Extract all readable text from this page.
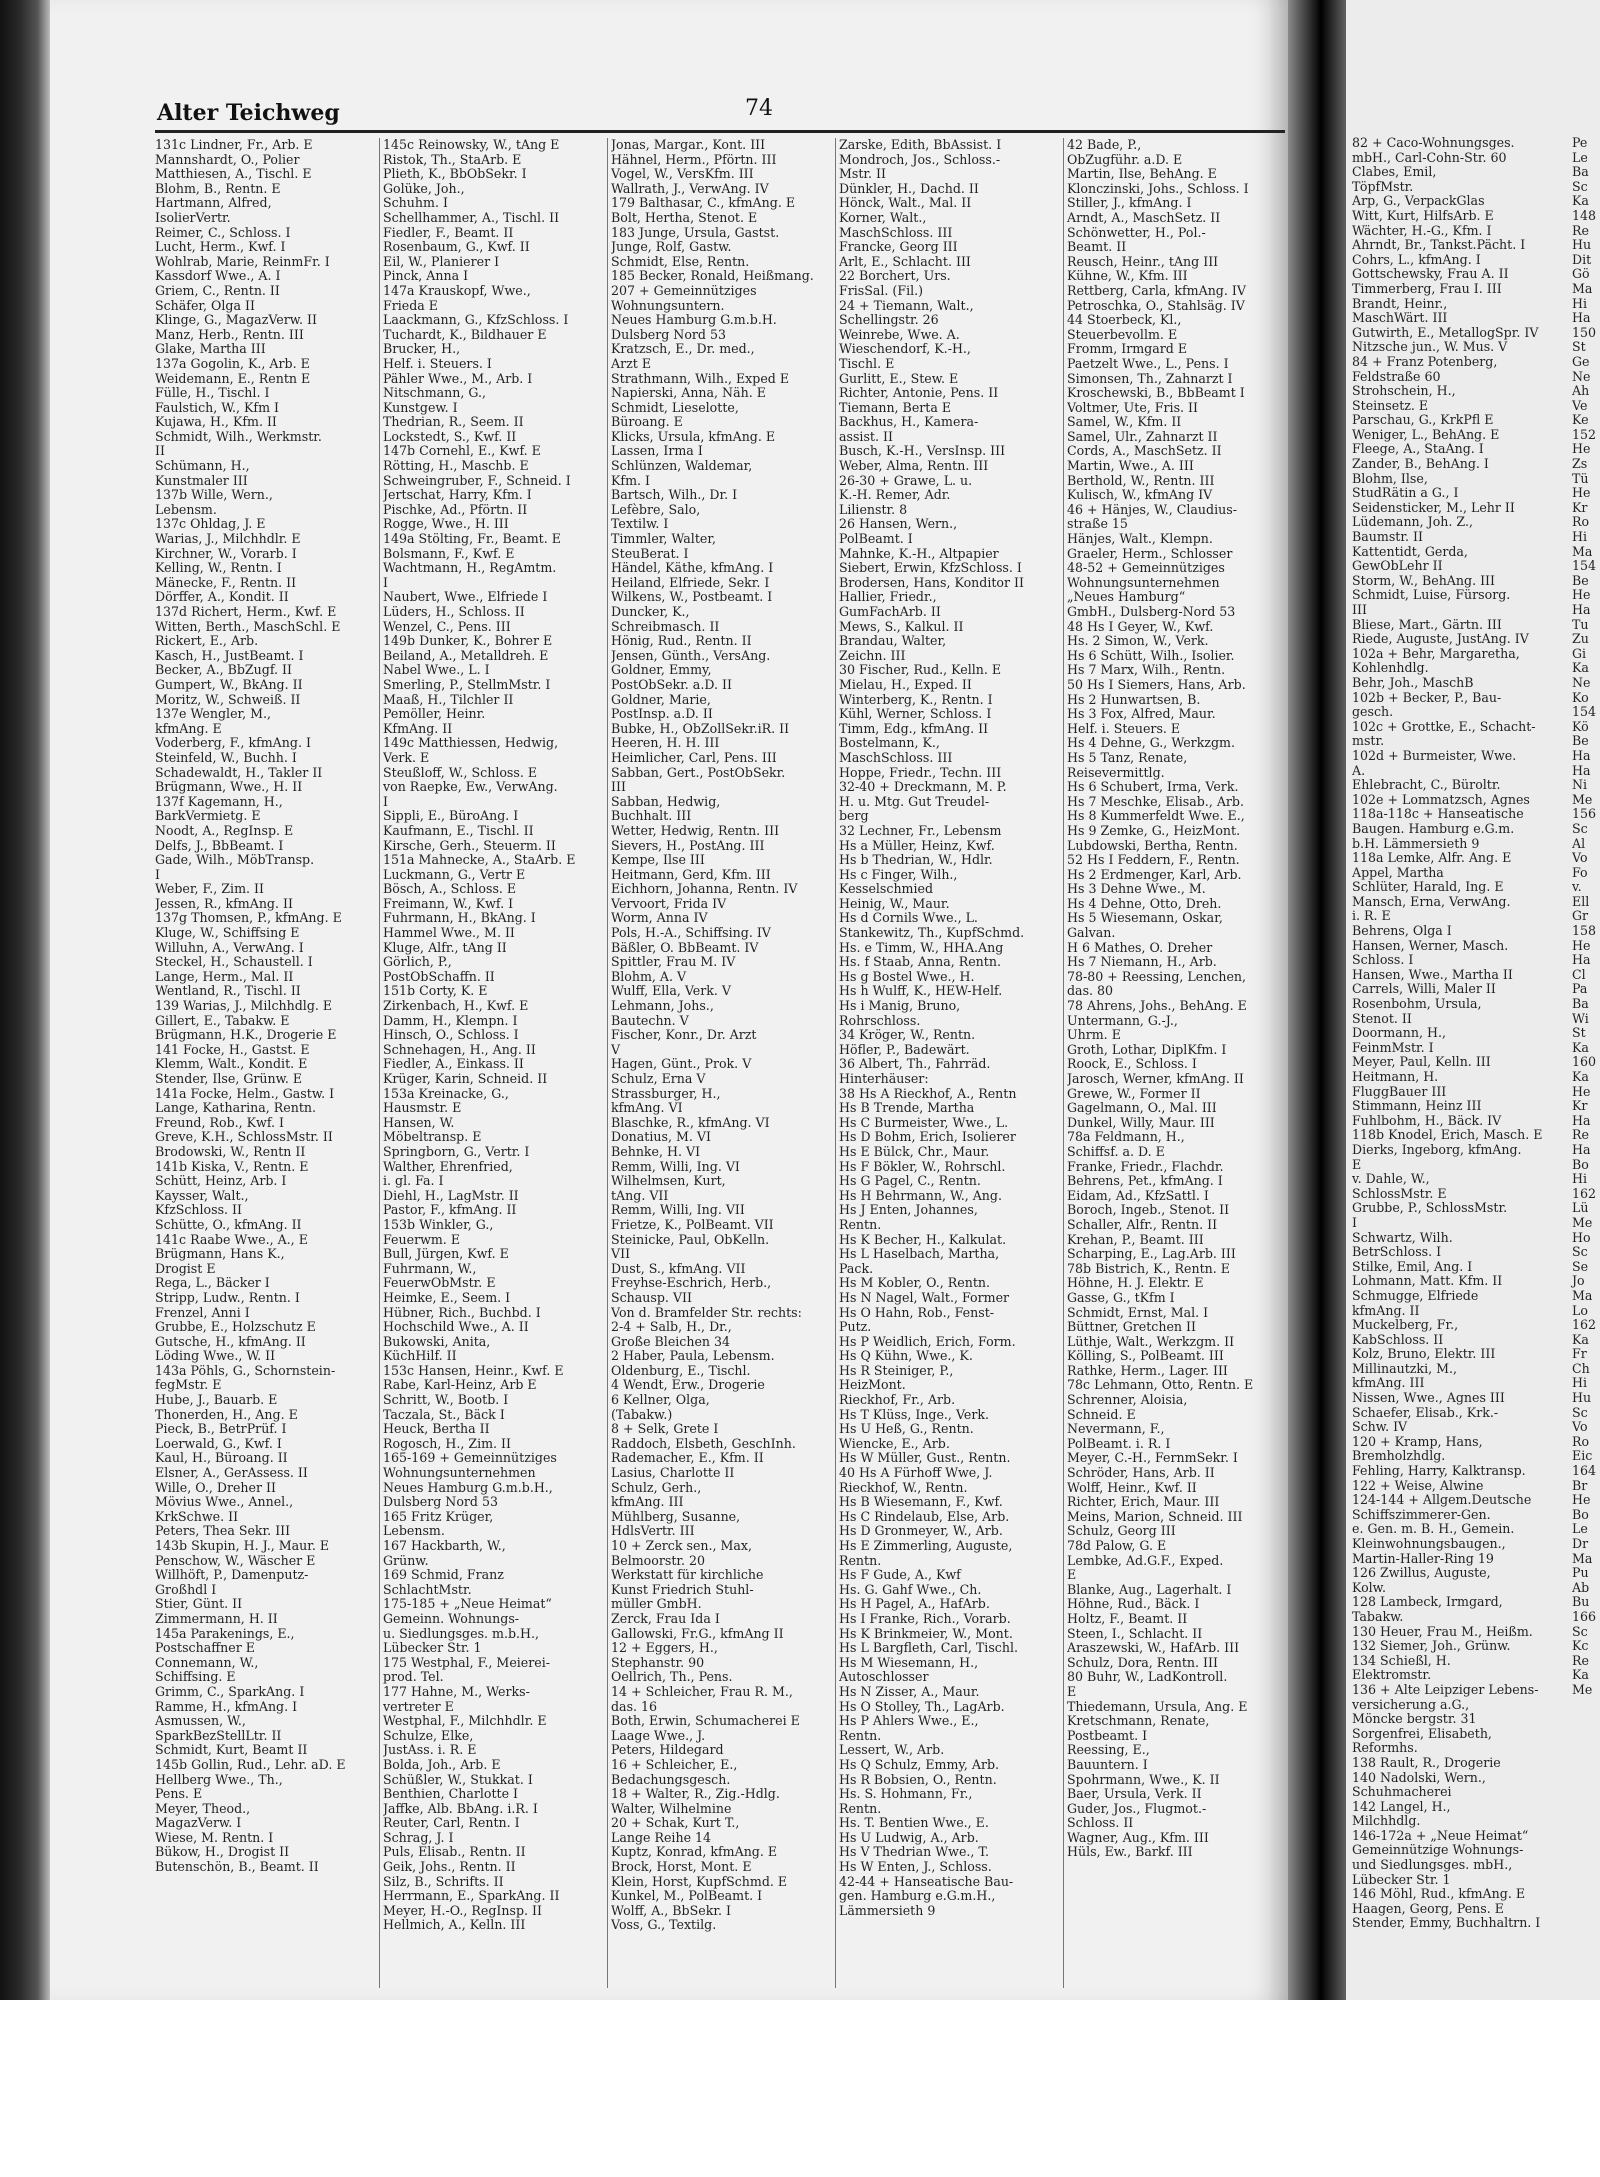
82 + Caco-Wohnungsges.
mbH., Carl-Cohn-Str. 60
Clabes, Emil,
TöpfMstr.
Arp, G., VerpackGlas
Witt, Kurt, HilfsArb. E
Wächter, H.-G., Kfm. I
Ahrndt, Br., Tankst.Pächt. I
Cohrs, L., kfmAng. I
Gottschewsky, Frau A. II
Timmerberg, Frau I. III
Brandt, Heinr.,
MaschWärt. III
Gutwirth, E., MetallogSpr. IV
Nitzsche jun., W. Mus. V
84 + Franz Potenberg,
Feldstraße 60
Strohschein, H.,
Steinsetz. E
Parschau, G., KrkPfl E
Weniger, L., BehAng. E
Fleege, A., StaAng. I
Zander, B., BehAng. I
Blohm, Ilse,
StudRätin a G., I
Seidensticker, M., Lehr II
Lüdemann, Joh. Z.,
Baumstr. II
Kattentidt, Gerda,
GewObLehr II
Storm, W., BehAng. III
Schmidt, Luise, Fürsorg.
III
Bliese, Mart., Gärtn. III
Riede, Auguste, JustAng. IV
102a + Behr, Margaretha,
Kohlenhdlg.
Behr, Joh., MaschB
102b + Becker, P., Bau-
gesch.
102c + Grottke, E., Schacht-
mstr.
102d + Burmeister, Wwe.
A.
Ehlebracht, C., Büroltr.
102e + Lommatzsch, Agnes
118a-118c + Hanseatische
Baugen. Hamburg e.G.m.
b.H. Lämmersieth 9
118a Lemke, Alfr. Ang. E
Appel, Martha
Schlüter, Harald, Ing. E
Mansch, Erna, VerwAng.
i. R. E
Behrens, Olga I
Hansen, Werner, Masch.
Schloss. I
Hansen, Wwe., Martha II
Carrels, Willi, Maler II
Rosenbohm, Ursula,
Stenot. II
Doormann, H.,
FeinmMstr. I
Meyer, Paul, Kelln. III
Heitmann, H.
FluggBauer III
Stimmann, Heinz III
Fuhlbohm, H., Bäck. IV
118b Knodel, Erich, Masch. E
Dierks, Ingeborg, kfmAng.
E
v. Dahle, W.,
SchlossMstr. E
Grubbe, P., SchlossMstr.
I
Schwartz, Wilh.
BetrSchloss. I
Stilke, Emil, Ang. I
Lohmann, Matt. Kfm. II
Schmugge, Elfriede
kfmAng. II
Muckelberg, Fr.,
KabSchloss. II
Kolz, Bruno, Elektr. III
Millinautzki, M.,
kfmAng. III
Nissen, Wwe., Agnes III
Schaefer, Elisab., Krk.-
Schw. IV
120 + Kramp, Hans,
Bremholzhdlg.
Fehling, Harry, Kalktransp.
122 + Weise, Alwine
124-144 + Allgem.Deutsche
Schiffszimmerer-Gen.
e. Gen. m. B. H., Gemein.
Kleinwohnungsbaugen.,
Martin-Haller-Ring 19
126 Zwillus, Auguste,
Kolw.
128 Lambeck, Irmgard,
Tabakw.
130 Heuer, Frau M., Heißm.
132 Siemer, Joh., Grünw.
134 Schießl, H.
Elektromstr.
136 + Alte Leipziger Lebens-
versicherung a.G.,
Möncke bergstr. 31
Sorgenfrei, Elisabeth,
Reformhs.
138 Rault, R., Drogerie
140 Nadolski, Wern.,
Schuhmacherei
142 Langel, H.,
Milchhdlg.
146-172a + „Neue Heimat“
Gemeinnützige Wohnungs-
und Siedlungsges. mbH.,
Lübecker Str. 1
146 Möhl, Rud., kfmAng. E
Haagen, Georg, Pens. E
Stender, Emmy, Buchhaltrn. I
Pe
Le
Ba
Sc
Ka
148
Re
Hu
Dit
Gö
Ma
Hi
Ha
150
St
Ge
Ne
Ah
Ve
Ke
152
He
Zs
Tü
He
Kr
Ro
Hi
Ma
154
Be
He
Ha
Tu
Zu
Gi
Ka
Ne
Ko
154
Kö
Be
Ha
Ha
Ni
Me
156
Sc
Al
Vo
Fo
v.
Ell
Gr
158
He
Ha
Cl
Pa
Ba
Wi
St
Ka
160
Ka
He
Kr
Ha
Re
Ha
Bo
Hi
162
Lü
Me
Ho
Sc
Se
Jo
Ma
Lo
162
Ka
Fr
Ch
Hi
Hu
Sc
Vo
Ro
Eic
164
Br
He
Bo
Le
Dr
Ma
Pu
Ab
Bu
166
Sc
Kc
Re
Ka
Me
Alter Teichweg	74
131c Lindner, Fr., Arb. E
Mannshardt, O., Polier
Matthiesen, A., Tischl. E
Blohm, B., Rentn. E
Hartmann, Alfred,
IsolierVertr.
Reimer, C., Schloss. I
Lucht, Herm., Kwf. I
Wohlrab, Marie, ReinmFr. I
Kassdorf Wwe., A. I
Griem, C., Rentn. II
Schäfer, Olga II
Klinge, G., MagazVerw. II
Manz, Herb., Rentn. III
Glake, Martha III
137a Gogolin, K., Arb. E
Weidemann, E., Rentn E
Fülle, H., Tischl. I
Faulstich, W., Kfm I
Kujawa, H., Kfm. II
Schmidt, Wilh., Werkmstr.
II
Schümann, H.,
Kunstmaler III
137b Wille, Wern.,
Lebensm.
137c Ohldag, J. E
Warias, J., Milchhdlr. E
Kirchner, W., Vorarb. I
Kelling, W., Rentn. I
Mänecke, F., Rentn. II
Dörffer, A., Kondit. II
137d Richert, Herm., Kwf. E
Witten, Berth., MaschSchl. E
Rickert, E., Arb.
Kasch, H., JustBeamt. I
Becker, A., BbZugf. II
Gumpert, W., BkAng. II
Moritz, W., Schweiß. II
137e Wengler, M.,
kfmAng. E
Voderberg, F., kfmAng. I
Steinfeld, W., Buchh. I
Schadewaldt, H., Takler II
Brügmann, Wwe., H. II
137f Kagemann, H.,
BarkVermietg. E
Noodt, A., RegInsp. E
Delfs, J., BbBeamt. I
Gade, Wilh., MöbTransp.
I
Weber, F., Zim. II
Jessen, R., kfmAng. II
137g Thomsen, P., kfmAng. E
Kluge, W., Schiffsing E
Willuhn, A., VerwAng. I
Steckel, H., Schaustell. I
Lange, Herm., Mal. II
Wentland, R., Tischl. II
139 Warias, J., Milchhdlg. E
Gillert, E., Tabakw. E
Brügmann, H.K., Drogerie E
141 Focke, H., Gastst. E
Klemm, Walt., Kondit. E
Stender, Ilse, Grünw. E
141a Focke, Helm., Gastw. I
Lange, Katharina, Rentn.
Freund, Rob., Kwf. I
Greve, K.H., SchlossMstr. II
Brodowski, W., Rentn II
141b Kiska, V., Rentn. E
Schütt, Heinz, Arb. I
Kaysser, Walt.,
KfzSchloss. II
Schütte, O., kfmAng. II
141c Raabe Wwe., A., E
Brügmann, Hans K.,
Drogist E
Rega, L., Bäcker I
Stripp, Ludw., Rentn. I
Frenzel, Anni I
Grubbe, E., Holzschutz E
Gutsche, H., kfmAng. II
Löding Wwe., W. II
143a Pöhls, G., Schornstein-
fegMstr. E
Hube, J., Bauarb. E
Thonerden, H., Ang. E
Pieck, B., BetrPrüf. I
Loerwald, G., Kwf. I
Kaul, H., Büroang. II
Elsner, A., GerAssess. II
Wille, O., Dreher II
Mövius Wwe., Annel.,
KrkSchwe. II
Peters, Thea Sekr. III
143b Skupin, H. J., Maur. E
Penschow, W., Wäscher E
Willhöft, P., Damenputz-
Großhdl I
Stier, Günt. II
Zimmermann, H. II
145a Parakenings, E.,
Postschaffner E
Connemann, W.,
Schiffsing. E
Grimm, C., SparkAng. I
Ramme, H., kfmAng. I
Asmussen, W.,
SparkBezStellLtr. II
Schmidt, Kurt, Beamt II
145b Gollin, Rud., Lehr. aD. E
Hellberg Wwe., Th.,
Pens. E
Meyer, Theod.,
MagazVerw. I
Wiese, M. Rentn. I
Bükow, H., Drogist II
Butenschön, B., Beamt. II
145c Reinowsky, W., tAng E
Ristok, Th., StaArb. E
Plieth, K., BbObSekr. I
Golüke, Joh.,
Schuhm. I
Schellhammer, A., Tischl. II
Fiedler, F., Beamt. II
Rosenbaum, G., Kwf. II
Eil, W., Planierer I
Pinck, Anna I
147a Krauskopf, Wwe.,
Frieda E
Laackmann, G., KfzSchloss. I
Tuchardt, K., Bildhauer E
Brucker, H.,
Helf. i. Steuers. I
Pähler Wwe., M., Arb. I
Nitschmann, G.,
Kunstgew. I
Thedrian, R., Seem. II
Lockstedt, S., Kwf. II
147b Cornehl, E., Kwf. E
Rötting, H., Maschb. E
Schweingruber, F., Schneid. I
Jertschat, Harry, Kfm. I
Pischke, Ad., Pförtn. II
Rogge, Wwe., H. III
149a Stölting, Fr., Beamt. E
Bolsmann, F., Kwf. E
Wachtmann, H., RegAmtm.
I
Naubert, Wwe., Elfriede I
Lüders, H., Schloss. II
Wenzel, C., Pens. III
149b Dunker, K., Bohrer E
Beiland, A., Metalldreh. E
Nabel Wwe., L. I
Smerling, P., StellmMstr. I
Maaß, H., Tilchler II
Pemöller, Heinr.
KfmAng. II
149c Matthiessen, Hedwig,
Verk. E
Steußloff, W., Schloss. E
von Raepke, Ew., VerwAng.
I
Sippli, E., BüroAng. I
Kaufmann, E., Tischl. II
Kirsche, Gerh., Steuerm. II
151a Mahnecke, A., StaArb. E
Luckmann, G., Vertr E
Bösch, A., Schloss. E
Freimann, W., Kwf. I
Fuhrmann, H., BkAng. I
Hammel Wwe., M. II
Kluge, Alfr., tAng II
Görlich, P.,
PostObSchaffn. II
151b Corty, K. E
Zirkenbach, H., Kwf. E
Damm, H., Klempn. I
Hinsch, O., Schloss. I
Schnehagen, H., Ang. II
Fiedler, A., Einkass. II
Krüger, Karin, Schneid. II
153a Kreinacke, G.,
Hausmstr. E
Hansen, W.
Möbeltransp. E
Springborn, G., Vertr. I
Walther, Ehrenfried,
i. gl. Fa. I
Diehl, H., LagMstr. II
Pastor, F., kfmAng. II
153b Winkler, G.,
Feuerwm. E
Bull, Jürgen, Kwf. E
Fuhrmann, W.,
FeuerwObMstr. E
Heimke, E., Seem. I
Hübner, Rich., Buchbd. I
Hochschild Wwe., A. II
Bukowski, Anita,
KüchHilf. II
153c Hansen, Heinr., Kwf. E
Rabe, Karl-Heinz, Arb E
Schritt, W., Bootb. I
Taczala, St., Bäck I
Heuck, Bertha II
Rogosch, H., Zim. II
165-169 + Gemeinnütziges
Wohnungsunternehmen
Neues Hamburg G.m.b.H.,
Dulsberg Nord 53
165 Fritz Krüger,
Lebensm.
167 Hackbarth, W.,
Grünw.
169 Schmid, Franz
SchlachtMstr.
175-185 + „Neue Heimat“
Gemeinn. Wohnungs-
u. Siedlungsges. m.b.H.,
Lübecker Str. 1
175 Westphal, F., Meierei-
prod. Tel.
177 Hahne, M., Werks-
vertreter E
Westphal, F., Milchhdlr. E
Schulze, Elke,
JustAss. i. R. E
Bolda, Joh., Arb. E
Schüßler, W., Stukkat. I
Benthien, Charlotte I
Jaffke, Alb. BbAng. i.R. I
Reuter, Carl, Rentn. I
Schrag, J. I
Puls, Elisab., Rentn. II
Geik, Johs., Rentn. II
Silz, B., Schrifts. II
Herrmann, E., SparkAng. II
Meyer, H.-O., RegInsp. II
Hellmich, A., Kelln. III
Jonas, Margar., Kont. III
Hähnel, Herm., Pförtn. III
Vogel, W., VersKfm. III
Wallrath, J., VerwAng. IV
179 Balthasar, C., kfmAng. E
Bolt, Hertha, Stenot. E
183 Junge, Ursula, Gastst.
Junge, Rolf, Gastw.
Schmidt, Else, Rentn.
185 Becker, Ronald, Heißmang.
207 + Gemeinnütziges
Wohnungsuntern.
Neues Hamburg G.m.b.H.
Dulsberg Nord 53
Kratzsch, E., Dr. med.,
Arzt E
Strathmann, Wilh., Exped E
Napierski, Anna, Näh. E
Schmidt, Lieselotte,
Büroang. E
Klicks, Ursula, kfmAng. E
Lassen, Irma I
Schlünzen, Waldemar,
Kfm. I
Bartsch, Wilh., Dr. I
Lefèbre, Salo,
Textilw. I
Timmler, Walter,
SteuBerat. I
Händel, Käthe, kfmAng. I
Heiland, Elfriede, Sekr. I
Wilkens, W., Postbeamt. I
Duncker, K.,
Schreibmasch. II
Hönig, Rud., Rentn. II
Jensen, Günth., VersAng.
Goldner, Emmy,
PostObSekr. a.D. II
Goldner, Marie,
PostInsp. a.D. II
Bubke, H., ObZollSekr.iR. II
Heeren, H. H. III
Heimlicher, Carl, Pens. III
Sabban, Gert., PostObSekr.
III
Sabban, Hedwig,
Buchhalt. III
Wetter, Hedwig, Rentn. III
Sievers, H., PostAng. III
Kempe, Ilse III
Heitmann, Gerd, Kfm. III
Eichhorn, Johanna, Rentn. IV
Vervoort, Frida IV
Worm, Anna IV
Pols, H.-A., Schiffsing. IV
Bäßler, O. BbBeamt. IV
Spittler, Frau M. IV
Blohm, A. V
Wulff, Ella, Verk. V
Lehmann, Johs.,
Bautechn. V
Fischer, Konr., Dr. Arzt
V
Hagen, Günt., Prok. V
Schulz, Erna V
Strassburger, H.,
kfmAng. VI
Blaschke, R., kfmAng. VI
Donatius, M. VI
Behnke, H. VI
Remm, Willi, Ing. VI
Wilhelmsen, Kurt,
tAng. VII
Remm, Willi, Ing. VII
Frietze, K., PolBeamt. VII
Steinicke, Paul, ObKelln.
VII
Dust, S., kfmAng. VII
Freyhse-Eschrich, Herb.,
Schausp. VII
Von d. Bramfelder Str. rechts:
2-4 + Salb, H., Dr.,
Große Bleichen 34
2 Haber, Paula, Lebensm.
Oldenburg, E., Tischl.
4 Wendt, Erw., Drogerie
6 Kellner, Olga,
(Tabakw.)
8 + Selk, Grete I
Raddoch, Elsbeth, GeschInh.
Rademacher, E., Kfm. II
Lasius, Charlotte II
Schulz, Gerh.,
kfmAng. III
Mühlberg, Susanne,
HdlsVertr. III
10 + Zerck sen., Max,
Belmoorstr. 20
Werkstatt für kirchliche
Kunst Friedrich Stuhl-
müller GmbH.
Zerck, Frau Ida I
Gallowski, Fr.G., kfmAng II
12 + Eggers, H.,
Stephanstr. 90
Oellrich, Th., Pens.
14 + Schleicher, Frau R. M.,
das. 16
Both, Erwin, Schumacherei E
Laage Wwe., J.
Peters, Hildegard
16 + Schleicher, E.,
Bedachungsgesch.
18 + Walter, R., Zig.-Hdlg.
Walter, Wilhelmine
20 + Schak, Kurt T.,
Lange Reihe 14
Kuptz, Konrad, kfmAng. E
Brock, Horst, Mont. E
Klein, Horst, KupfSchmd. E
Kunkel, M., PolBeamt. I
Wolff, A., BbSekr. I
Voss, G., Textilg.
Zarske, Edith, BbAssist. I
Mondroch, Jos., Schloss.-
Mstr. II
Dünkler, H., Dachd. II
Hönck, Walt., Mal. II
Korner, Walt.,
MaschSchloss. III
Francke, Georg III
Arlt, E., Schlacht. III
22 Borchert, Urs.
FrisSal. (Fil.)
24 + Tiemann, Walt.,
Schellingstr. 26
Weinrebe, Wwe. A.
Wieschendorf, K.-H.,
Tischl. E
Gurlitt, E., Stew. E
Richter, Antonie, Pens. II
Tiemann, Berta E
Backhus, H., Kamera-
assist. II
Busch, K.-H., VersInsp. III
Weber, Alma, Rentn. III
26-30 + Grawe, L. u.
K.-H. Remer, Adr.
Lilienstr. 8
26 Hansen, Wern.,
PolBeamt. I
Mahnke, K.-H., Altpapier
Siebert, Erwin, KfzSchloss. I
Brodersen, Hans, Konditor II
Hallier, Friedr.,
GumFachArb. II
Mews, S., Kalkul. II
Brandau, Walter,
Zeichn. III
30 Fischer, Rud., Kelln. E
Mielau, H., Exped. II
Winterberg, K., Rentn. I
Kühl, Werner, Schloss. I
Timm, Edg., kfmAng. II
Bostelmann, K.,
MaschSchloss. III
Hoppe, Friedr., Techn. III
32-40 + Dreckmann, M. P.
H. u. Mtg. Gut Treudel-
berg
32 Lechner, Fr., Lebensm
Hs a Müller, Heinz, Kwf.
Hs b Thedrian, W., Hdlr.
Hs c Finger, Wilh.,
Kesselschmied
Heinig, W., Maur.
Hs d Cornils Wwe., L.
Stankewitz, Th., KupfSchmd.
Hs. e Timm, W., HHA.Ang
Hs. f Staab, Anna, Rentn.
Hs g Bostel Wwe., H.
Hs h Wulff, K., HEW-Helf.
Hs i Manig, Bruno,
Rohrschloss.
34 Kröger, W., Rentn.
Höfler, P., Badewärt.
36 Albert, Th., Fahrräd.
Hinterhäuser:
38 Hs A Rieckhof, A., Rentn
Hs B Trende, Martha
Hs C Burmeister, Wwe., L.
Hs D Bohm, Erich, Isolierer
Hs E Bülck, Chr., Maur.
Hs F Bökler, W., Rohrschl.
Hs G Pagel, C., Rentn.
Hs H Behrmann, W., Ang.
Hs J Enten, Johannes,
Rentn.
Hs K Becher, H., Kalkulat.
Hs L Haselbach, Martha,
Pack.
Hs M Kobler, O., Rentn.
Hs N Nagel, Walt., Former
Hs O Hahn, Rob., Fenst-
Putz.
Hs P Weidlich, Erich, Form.
Hs Q Kühn, Wwe., K.
Hs R Steiniger, P.,
HeizMont.
Rieckhof, Fr., Arb.
Hs T Klüss, Inge., Verk.
Hs U Heß, G., Rentn.
Wiencke, E., Arb.
Hs W Müller, Gust., Rentn.
40 Hs A Fürhoff Wwe, J.
Rieckhof, W., Rentn.
Hs B Wiesemann, F., Kwf.
Hs C Rindelaub, Else, Arb.
Hs D Gronmeyer, W., Arb.
Hs E Zimmerling, Auguste,
Rentn.
Hs F Gude, A., Kwf
Hs. G. Gahf Wwe., Ch.
Hs H Pagel, A., HafArb.
Hs I Franke, Rich., Vorarb.
Hs K Brinkmeier, W., Mont.
Hs L Bargfleth, Carl, Tischl.
Hs M Wiesemann, H.,
Autoschlosser
Hs N Zisser, A., Maur.
Hs O Stolley, Th., LagArb.
Hs P Ahlers Wwe., E.,
Rentn.
Lessert, W., Arb.
Hs Q Schulz, Emmy, Arb.
Hs R Bobsien, O., Rentn.
Hs. S. Hohmann, Fr.,
Rentn.
Hs. T. Bentien Wwe., E.
Hs U Ludwig, A., Arb.
Hs V Thedrian Wwe., T.
Hs W Enten, J., Schloss.
42-44 + Hanseatische Bau-
gen. Hamburg e.G.m.H.,
Lämmersieth 9
42 Bade, P.,
ObZugführ. a.D. E
Martin, Ilse, BehAng. E
Klonczinski, Johs., Schloss. I
Stiller, J., kfmAng. I
Arndt, A., MaschSetz. II
Schönwetter, H., Pol.-
Beamt. II
Reusch, Heinr., tAng III
Kühne, W., Kfm. III
Rettberg, Carla, kfmAng. IV
Petroschka, O., Stahlsäg. IV
44 Stoerbeck, Kl.,
Steuerbevollm. E
Fromm, Irmgard E
Paetzelt Wwe., L., Pens. I
Simonsen, Th., Zahnarzt I
Kroschewski, B., BbBeamt I
Voltmer, Ute, Fris. II
Samel, W., Kfm. II
Samel, Ulr., Zahnarzt II
Cords, A., MaschSetz. II
Martin, Wwe., A. III
Berthold, W., Rentn. III
Kulisch, W., kfmAng IV
46 + Hänjes, W., Claudius-
straße 15
Hänjes, Walt., Klempn.
Graeler, Herm., Schlosser
48-52 + Gemeinnütziges
Wohnungsunternehmen
„Neues Hamburg“
GmbH., Dulsberg-Nord 53
48 Hs I Geyer, W., Kwf.
Hs. 2 Simon, W., Verk.
Hs 6 Schütt, Wilh., Isolier.
Hs 7 Marx, Wilh., Rentn.
50 Hs I Siemers, Hans, Arb.
Hs 2 Hunwartsen, B.
Hs 3 Fox, Alfred, Maur.
Helf. i. Steuers. E
Hs 4 Dehne, G., Werkzgm.
Hs 5 Tanz, Renate,
Reisevermittlg.
Hs 6 Schubert, Irma, Verk.
Hs 7 Meschke, Elisab., Arb.
Hs 8 Kummerfeldt Wwe. E.,
Hs 9 Zemke, G., HeizMont.
Lubdowski, Bertha, Rentn.
52 Hs I Feddern, F., Rentn.
Hs 2 Erdmenger, Karl, Arb.
Hs 3 Dehne Wwe., M.
Hs 4 Dehne, Otto, Dreh.
Hs 5 Wiesemann, Oskar,
Galvan.
H 6 Mathes, O. Dreher
Hs 7 Niemann, H., Arb.
78-80 + Reessing, Lenchen,
das. 80
78 Ahrens, Johs., BehAng. E
Untermann, G.-J.,
Uhrm. E
Groth, Lothar, DiplKfm. I
Roock, E., Schloss. I
Jarosch, Werner, kfmAng. II
Grewe, W., Former II
Gagelmann, O., Mal. III
Dunkel, Willy, Maur. III
78a Feldmann, H.,
Schiffsf. a. D. E
Franke, Friedr., Flachdr.
Behrens, Pet., kfmAng. I
Eidam, Ad., KfzSattl. I
Boroch, Ingeb., Stenot. II
Schaller, Alfr., Rentn. II
Krehan, P., Beamt. III
Scharping, E., Lag.Arb. III
78b Bistrich, K., Rentn. E
Höhne, H. J. Elektr. E
Gasse, G., tKfm I
Schmidt, Ernst, Mal. I
Büttner, Gretchen II
Lüthje, Walt., Werkzgm. II
Kölling, S., PolBeamt. III
Rathke, Herm., Lager. III
78c Lehmann, Otto, Rentn. E
Schrenner, Aloisia,
Schneid. E
Nevermann, F.,
PolBeamt. i. R. I
Meyer, C.-H., FernmSekr. I
Schröder, Hans, Arb. II
Wolff, Heinr., Kwf. II
Richter, Erich, Maur. III
Meins, Marion, Schneid. III
Schulz, Georg III
78d Palow, G. E
Lembke, Ad.G.F., Exped.
E
Blanke, Aug., Lagerhalt. I
Höhne, Rud., Bäck. I
Holtz, F., Beamt. II
Steen, I., Schlacht. II
Araszewski, W., HafArb. III
Schulz, Dora, Rentn. III
80 Buhr, W., LadKontroll.
E
Thiedemann, Ursula, Ang. E
Kretschmann, Renate,
Postbeamt. I
Reessing, E.,
Bauuntern. I
Spohrmann, Wwe., K. II
Baer, Ursula, Verk. II
Guder, Jos., Flugmot.-
Schloss. II
Wagner, Aug., Kfm. III
Hüls, Ew., Barkf. III
